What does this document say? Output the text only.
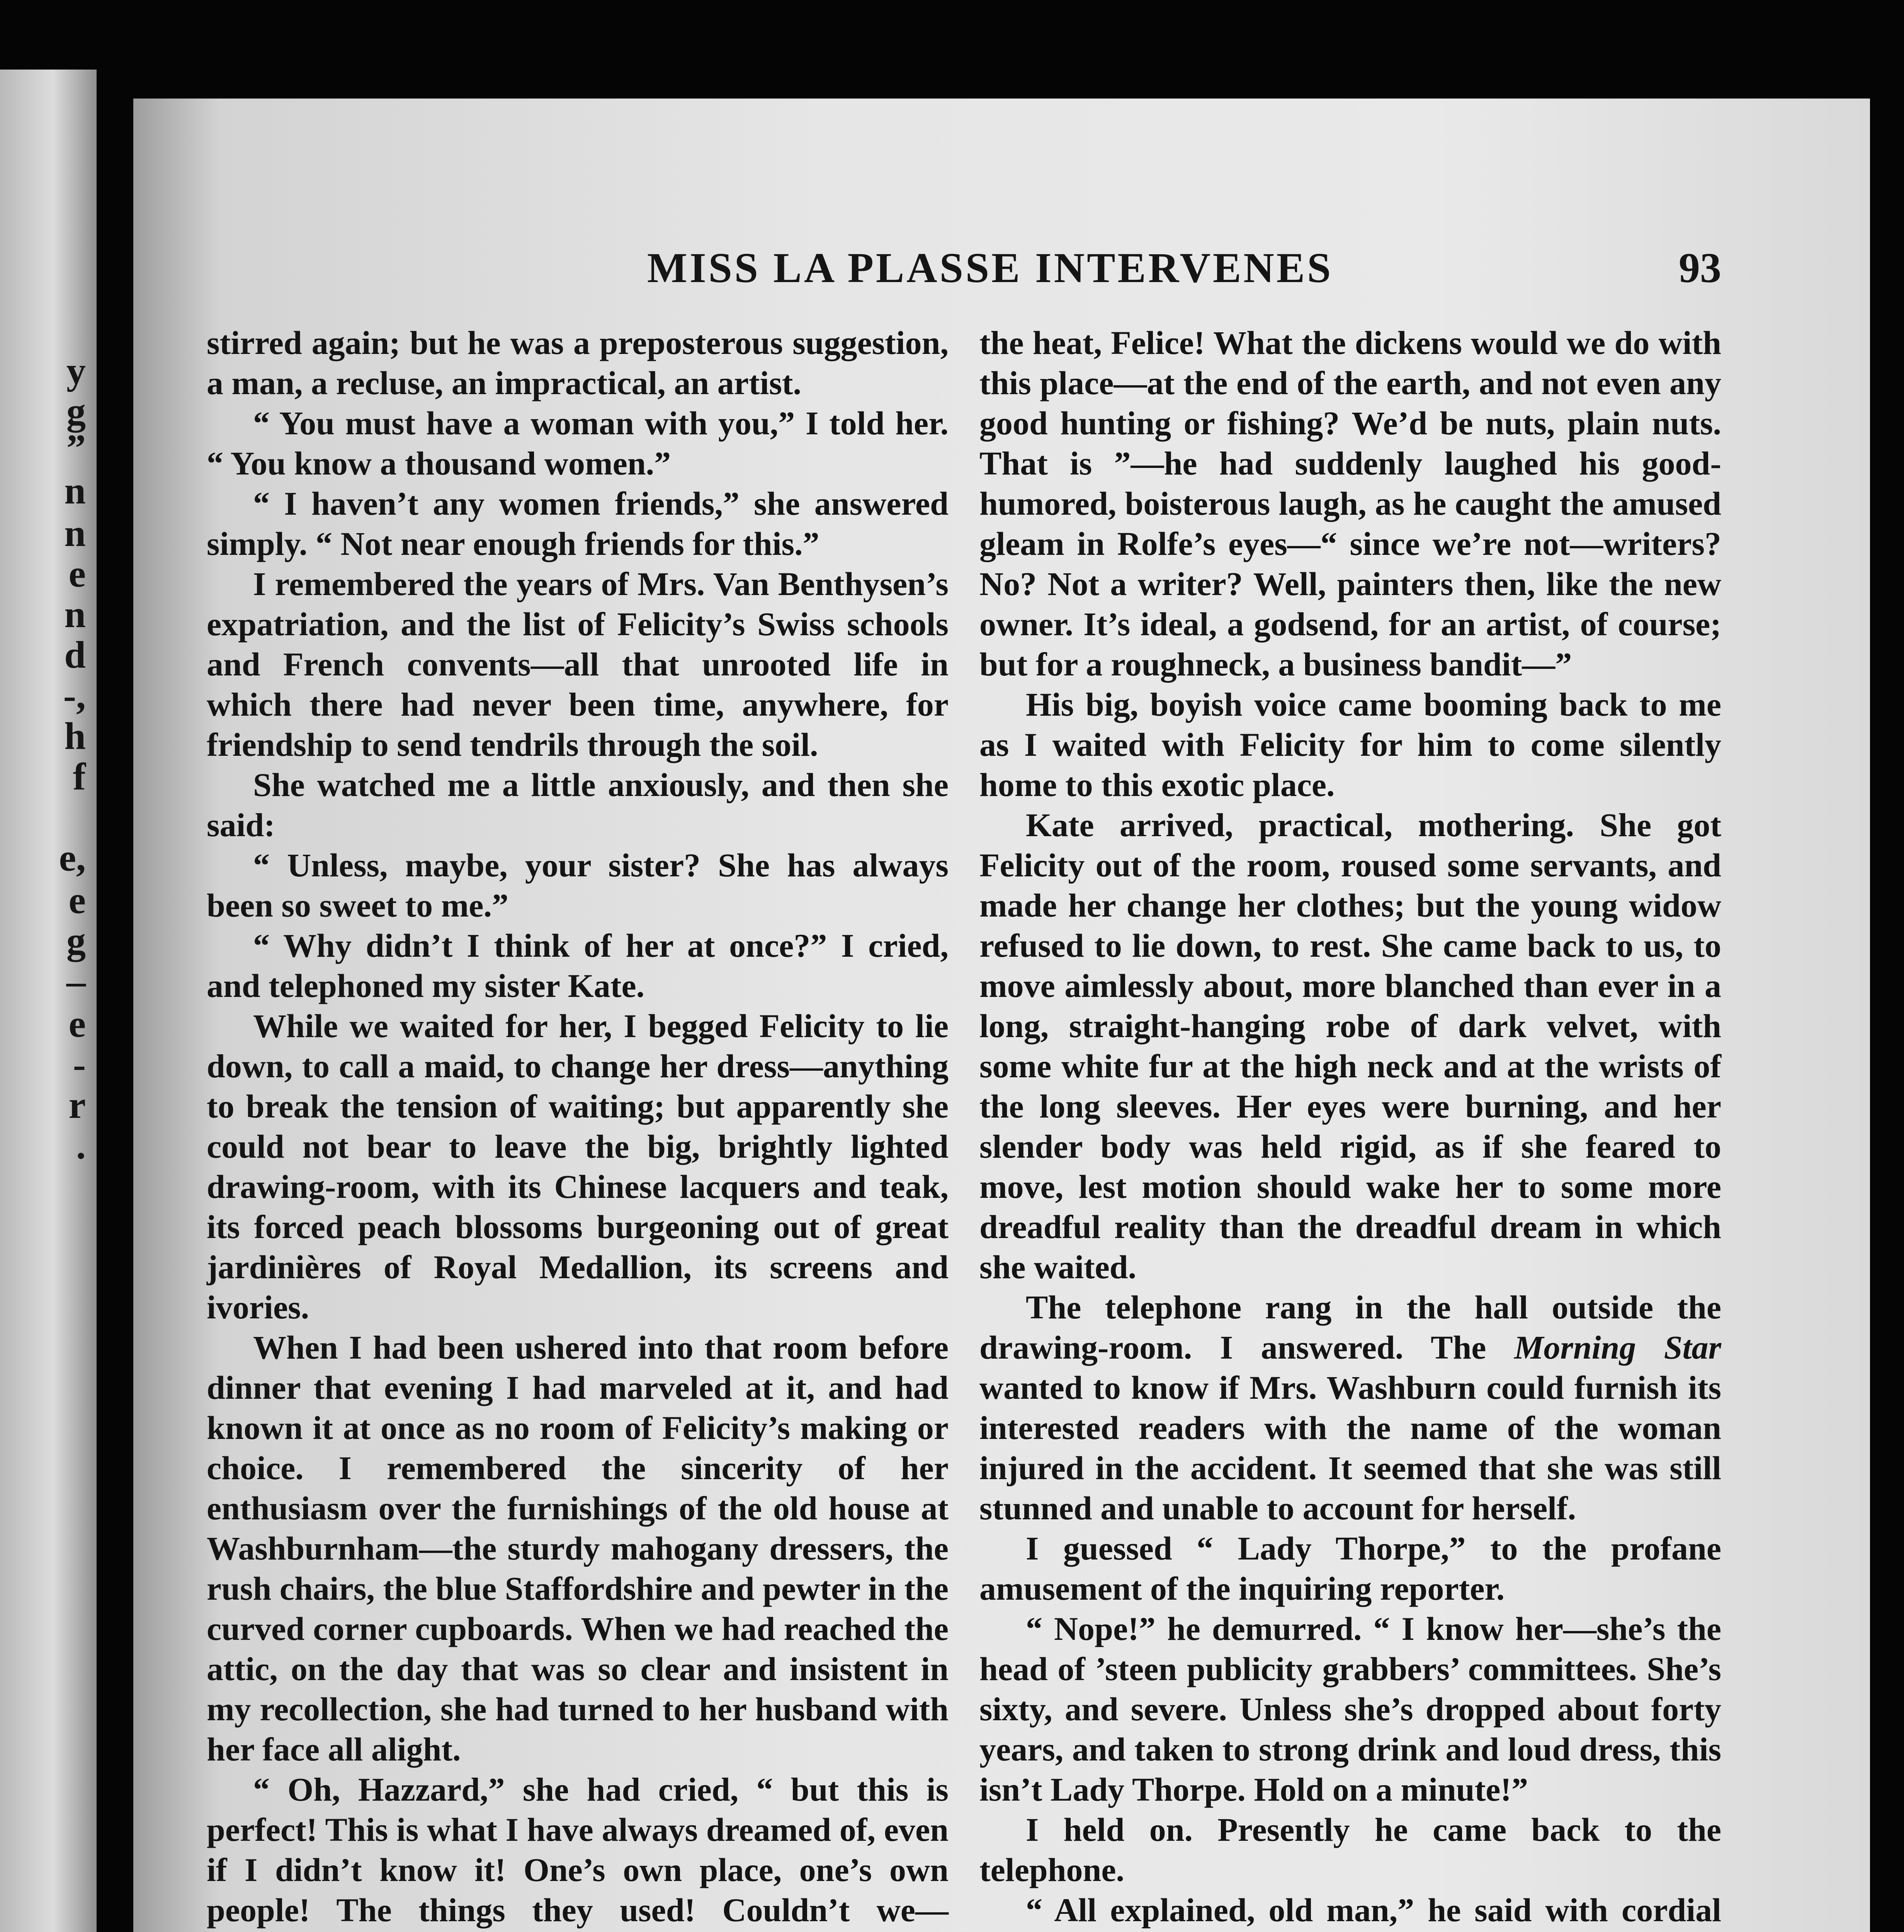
y
g
”
n
n
e
n
d
-,
h
f
e,
e
g
–
e
-
r
.
MISS LA PLASSE INTERVENES	93

stirred again; but he was a preposterous suggestion, a man, a recluse, an impractical, an artist.

“ You must have a woman with you,” I told her. “ You know a thousand women.”

“ I haven’t any women friends,” she answered simply. “ Not near enough friends for this.”

I remembered the years of Mrs. Van Benthysen’s expatriation, and the list of Felicity’s Swiss schools and French convents—all that unrooted life in which there had never been time, anywhere, for friendship to send tendrils through the soil.

She watched me a little anxiously, and then she said:

“ Unless, maybe, your sister? She has always been so sweet to me.”

“ Why didn’t I think of her at once?” I cried, and telephoned my sister Kate.

While we waited for her, I begged Felicity to lie down, to call a maid, to change her dress—anything to break the tension of waiting; but apparently she could not bear to leave the big, brightly lighted drawing-room, with its Chinese lacquers and teak, its forced peach blossoms burgeoning out of great jardinières of Royal Medallion, its screens and ivories.

When I had been ushered into that room before dinner that evening I had marveled at it, and had known it at once as no room of Felicity’s making or choice. I remembered the sincerity of her enthusiasm over the furnishings of the old house at Washburnham—the sturdy mahogany dressers, the rush chairs, the blue Staffordshire and pewter in the curved corner cupboards. When we had reached the attic, on the day that was so clear and insistent in my recollection, she had turned to her husband with her face all alight.

“ Oh, Hazzard,” she had cried, “ but this is perfect! This is what I have always dreamed of, even if I didn’t know it! One’s own place, one’s own people! The things they used! Couldn’t we—

the heat, Felice! What the dickens would we do with this place—at the end of the earth, and not even any good hunting or fishing? We’d be nuts, plain nuts. That is ”—he had suddenly laughed his good-humored, boisterous laugh, as he caught the amused gleam in Rolfe’s eyes—“ since we’re not—writers? No? Not a writer? Well, painters then, like the new owner. It’s ideal, a godsend, for an artist, of course; but for a roughneck, a business bandit—”

His big, boyish voice came booming back to me as I waited with Felicity for him to come silently home to this exotic place.

Kate arrived, practical, mothering. She got Felicity out of the room, roused some servants, and made her change her clothes; but the young widow refused to lie down, to rest. She came back to us, to move aimlessly about, more blanched than ever in a long, straight-hanging robe of dark velvet, with some white fur at the high neck and at the wrists of the long sleeves. Her eyes were burning, and her slender body was held rigid, as if she feared to move, lest motion should wake her to some more dreadful reality than the dreadful dream in which she waited.

The telephone rang in the hall outside the drawing-room. I answered. The Morning Star wanted to know if Mrs. Washburn could furnish its interested readers with the name of the woman injured in the accident. It seemed that she was still stunned and unable to account for herself.

I guessed “ Lady Thorpe,” to the profane amusement of the inquiring reporter.

“ Nope!” he demurred. “ I know her—she’s the head of ’steen publicity grabbers’ committees. She’s sixty, and severe. Unless she’s dropped about forty years, and taken to strong drink and loud dress, this isn’t Lady Thorpe. Hold on a minute!”

I held on. Presently he came back to the telephone.

“ All explained, old man,” he said with cordial
